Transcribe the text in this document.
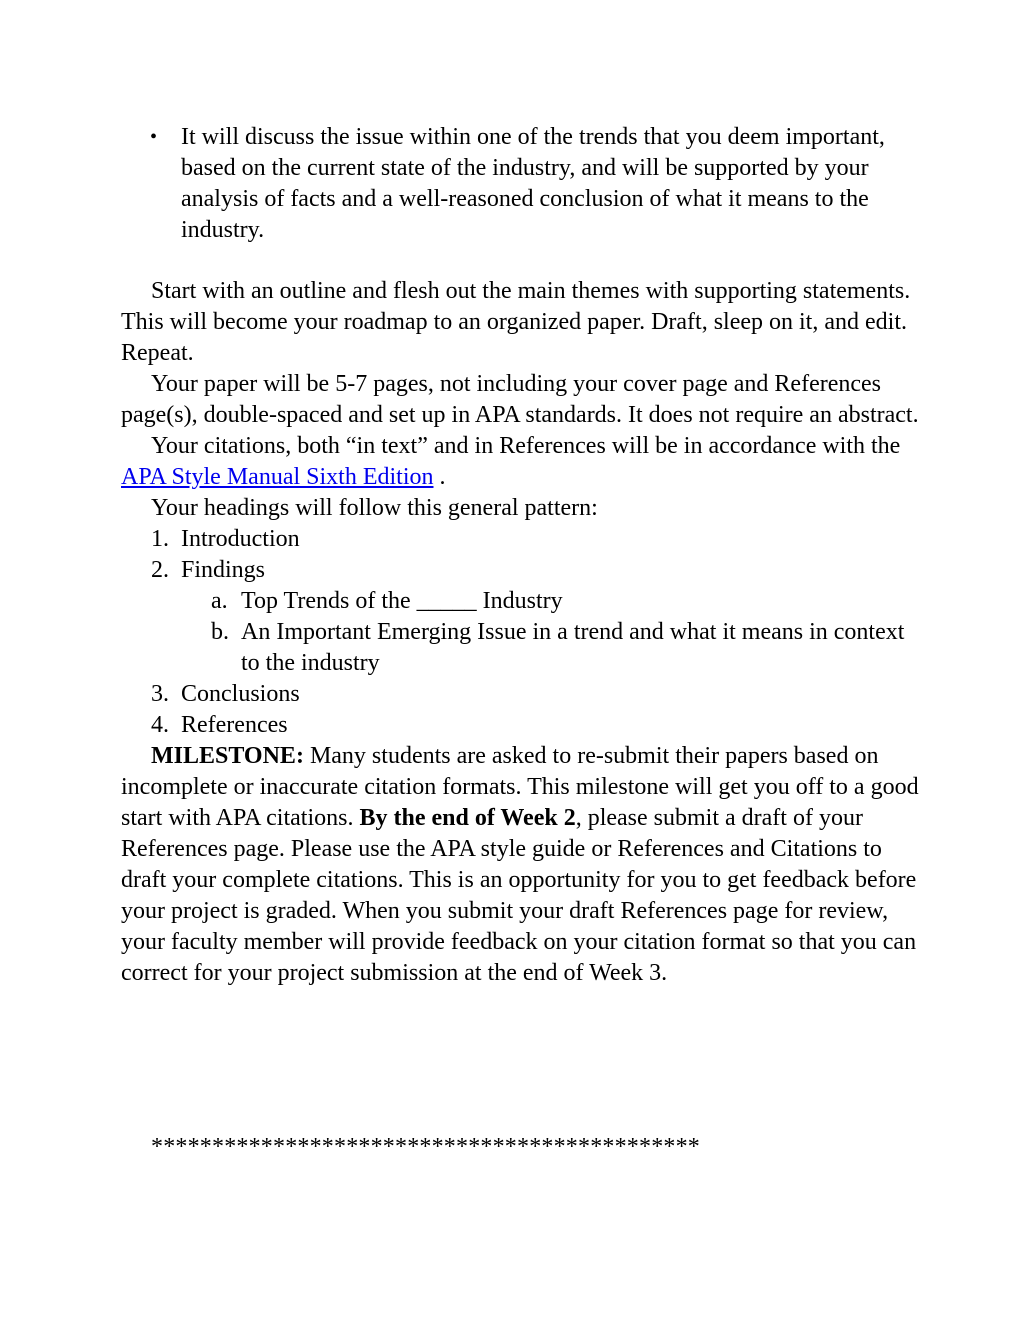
• It will discuss the issue within one of the trends that you deem important, based on the current state of the industry, and will be supported by your analysis of facts and a well-reasoned conclusion of what it means to the industry.

Start with an outline and flesh out the main themes with supporting statements. This will become your roadmap to an organized paper. Draft, sleep on it, and edit. Repeat.

Your paper will be 5-7 pages, not including your cover page and References page(s), double-spaced and set up in APA standards. It does not require an abstract.

Your citations, both “in text” and in References will be in accordance with the APA Style Manual Sixth Edition .

Your headings will follow this general pattern:
1. Introduction
2. Findings
a. Top Trends of the _____ Industry
b. An Important Emerging Issue in a trend and what it means in context to the industry
3. Conclusions
4. References

MILESTONE: Many students are asked to re-submit their papers based on incomplete or inaccurate citation formats. This milestone will get you off to a good start with APA citations. By the end of Week 2, please submit a draft of your References page. Please use the APA style guide or References and Citations to draft your complete citations. This is an opportunity for you to get feedback before your project is graded. When you submit your draft References page for review, your faculty member will provide feedback on your citation format so that you can correct for your project submission at the end of Week 3.

*********************************************
